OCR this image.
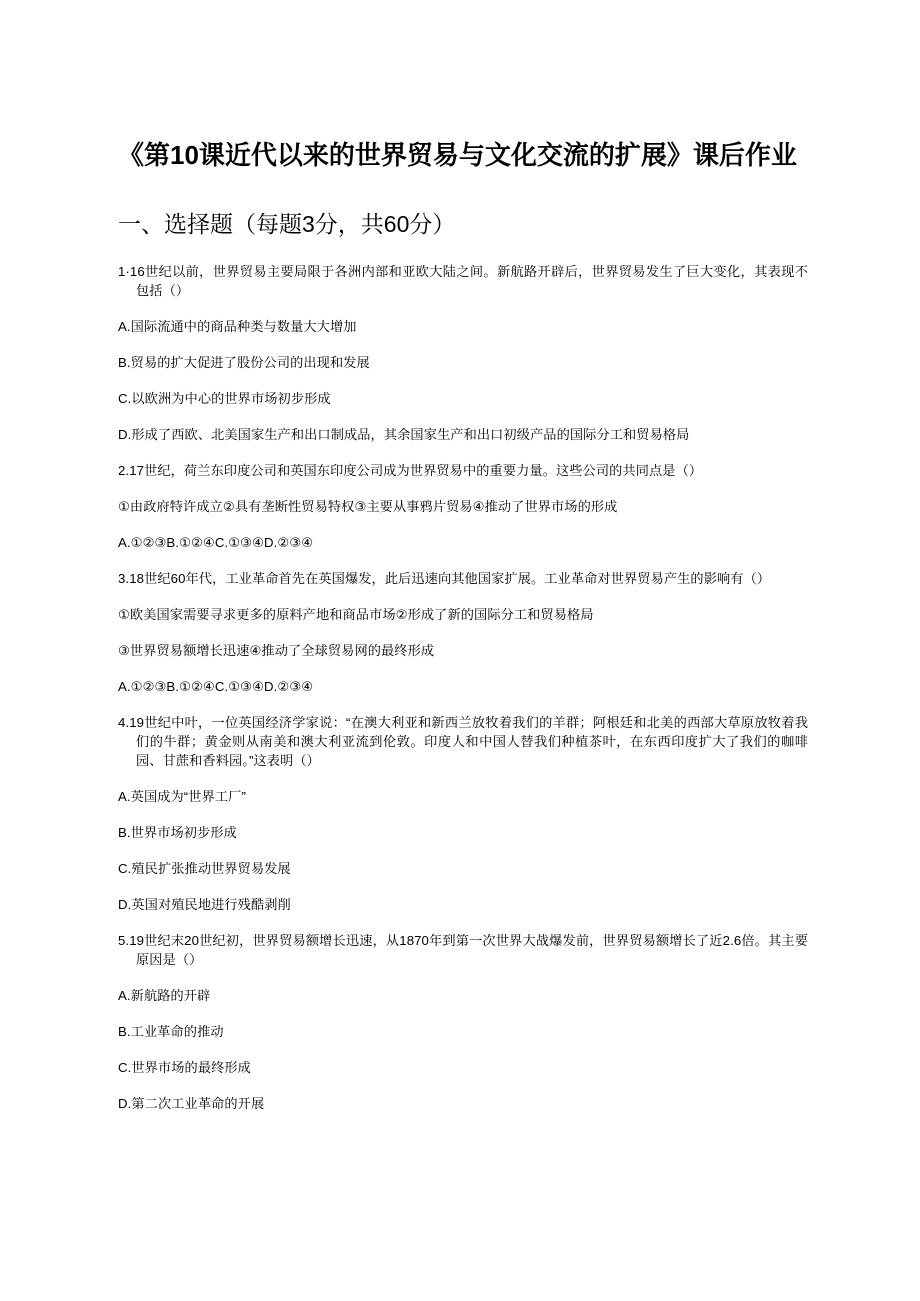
《第10课近代以来的世界贸易与文化交流的扩展》课后作业
一、选择题（每题3分，共60分）

1·16世纪以前，世界贸易主要局限于各洲内部和亚欧大陆之间。新航路开辟后，世界贸易发生了巨大变化，其表现不包括（）

A.国际流通中的商品种类与数量大大增加

B.贸易的扩大促进了股份公司的出现和发展

C.以欧洲为中心的世界市场初步形成

D.形成了西欧、北美国家生产和出口制成品，其余国家生产和出口初级产品的国际分工和贸易格局

2.17世纪，荷兰东印度公司和英国东印度公司成为世界贸易中的重要力量。这些公司的共同点是（）

①由政府特许成立②具有垄断性贸易特权③主要从事鸦片贸易④推动了世界市场的形成

A.①②③B.①②④C.①③④D.②③④

3.18世纪60年代，工业革命首先在英国爆发，此后迅速向其他国家扩展。工业革命对世界贸易产生的影响有（）

①欧美国家需要寻求更多的原料产地和商品市场②形成了新的国际分工和贸易格局

③世界贸易额增长迅速④推动了全球贸易网的最终形成

A.①②③B.①②④C.①③④D.②③④

4.19世纪中叶，一位英国经济学家说：“在澳大利亚和新西兰放牧着我们的羊群；阿根廷和北美的西部大草原放牧着我们的牛群；黄金则从南美和澳大利亚流到伦敦。印度人和中国人替我们种植茶叶，在东西印度扩大了我们的咖啡园、甘蔗和香料园。”这表明（）

A.英国成为“世界工厂”

B.世界市场初步形成

C.殖民扩张推动世界贸易发展

D.英国对殖民地进行残酷剥削

5.19世纪末20世纪初，世界贸易额增长迅速，从1870年到第一次世界大战爆发前，世界贸易额增长了近2.6倍。其主要原因是（）

A.新航路的开辟

B.工业革命的推动

C.世界市场的最终形成

D.第二次工业革命的开展
